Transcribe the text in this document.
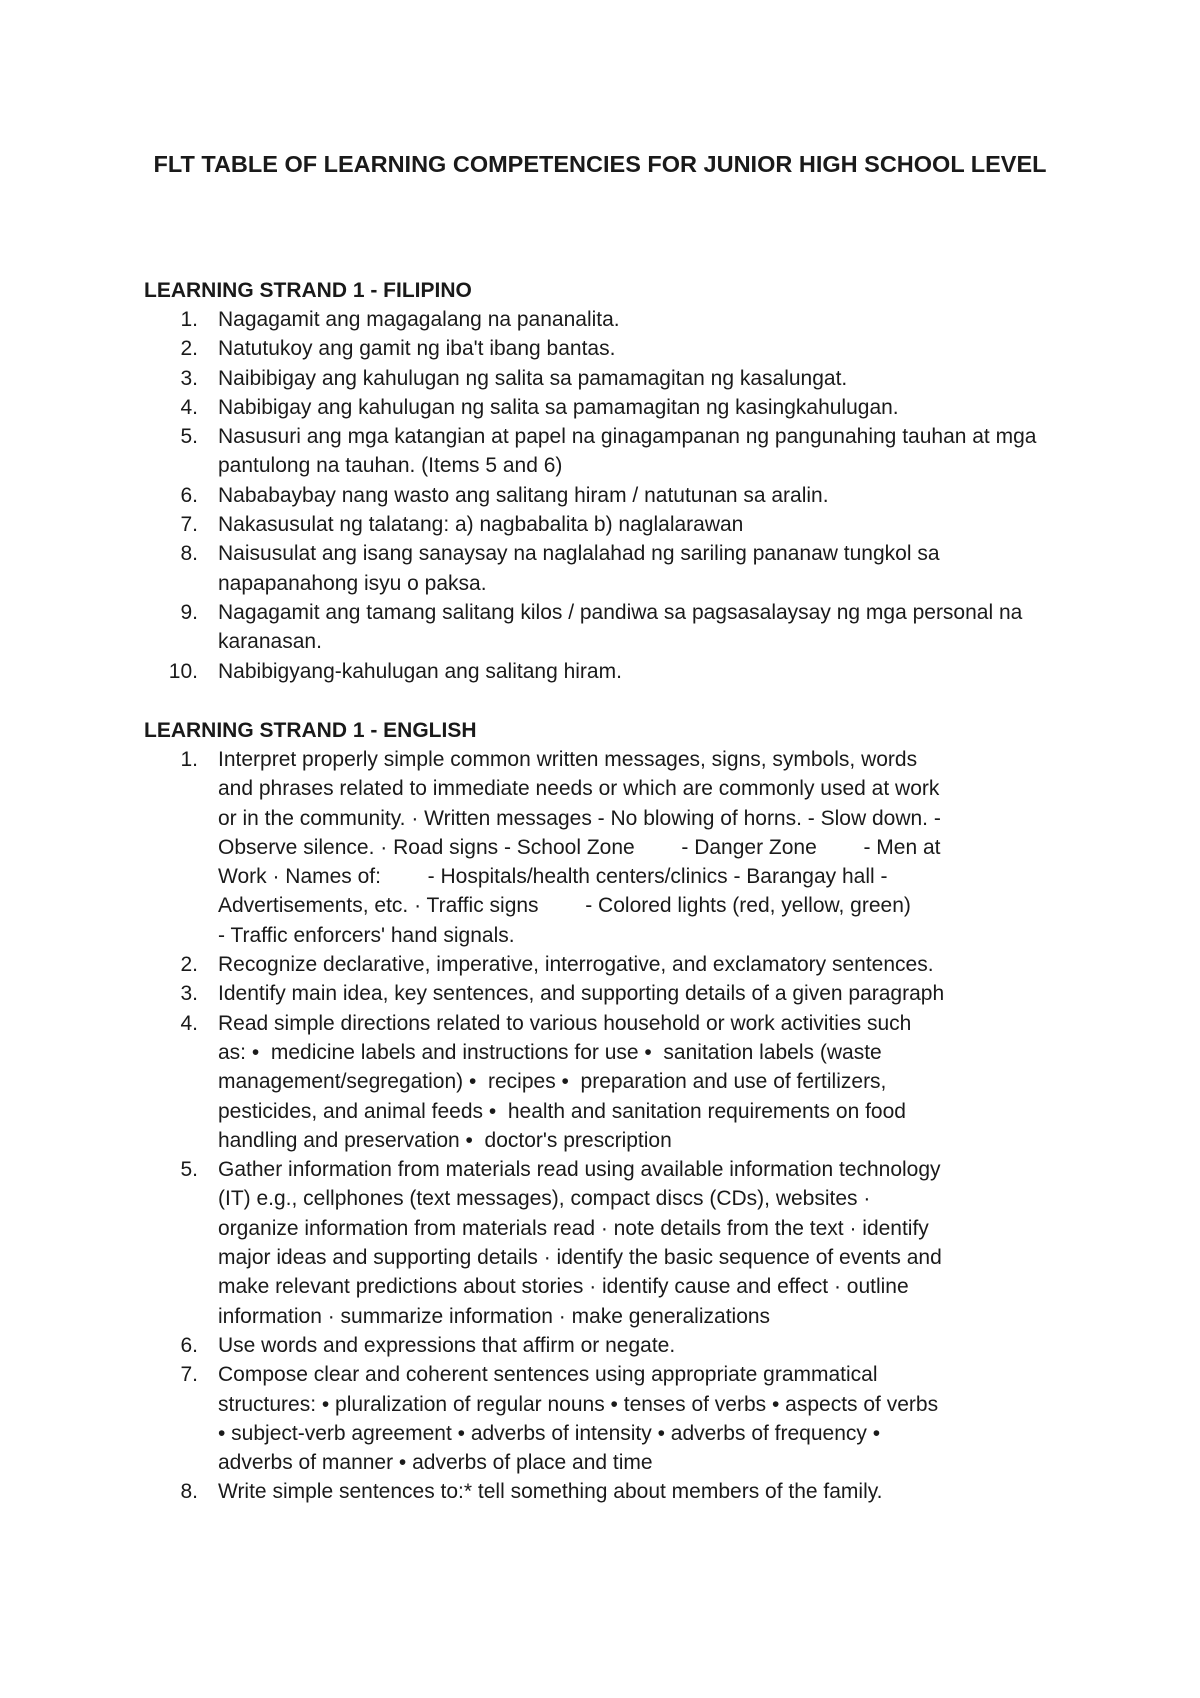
FLT TABLE OF LEARNING COMPETENCIES FOR JUNIOR HIGH SCHOOL LEVEL

LEARNING STRAND 1 - FILIPINO

1. Nagagamit ang magagalang na pananalita.
2. Natutukoy ang gamit ng iba't ibang bantas.
3. Naibibigay ang kahulugan ng salita sa pamamagitan ng kasalungat.
4. Nabibigay ang kahulugan ng salita sa pamamagitan ng kasingkahulugan.
5. Nasusuri ang mga katangian at papel na ginagampanan ng pangunahing tauhan at mga pantulong na tauhan. (Items 5 and 6)
6. Nababaybay nang wasto ang salitang hiram / natutunan sa aralin.
7. Nakasusulat ng talatang: a) nagbabalita b) naglalarawan
8. Naisusulat ang isang sanaysay na naglalahad ng sariling pananaw tungkol sa napapanahong isyu o paksa.
9. Nagagamit ang tamang salitang kilos / pandiwa sa pagsasalaysay ng mga personal na karanasan.
10. Nabibigyang-kahulugan ang salitang hiram.

LEARNING STRAND 1 - ENGLISH

1. Interpret properly simple common written messages, signs, symbols, words
and phrases related to immediate needs or which are commonly used at work
or in the community. · Written messages - No blowing of horns. - Slow down. -
Observe silence. · Road signs - School Zone        - Danger Zone        - Men at
Work · Names of:        - Hospitals/health centers/clinics - Barangay hall -
Advertisements, etc. · Traffic signs        - Colored lights (red, yellow, green)
- Traffic enforcers' hand signals.
2. Recognize declarative, imperative, interrogative, and exclamatory sentences.
3. Identify main idea, key sentences, and supporting details of a given paragraph
4. Read simple directions related to various household or work activities such
as: •  medicine labels and instructions for use •  sanitation labels (waste
management/segregation) •  recipes •  preparation and use of fertilizers,
pesticides, and animal feeds •  health and sanitation requirements on food
handling and preservation •  doctor's prescription
5. Gather information from materials read using available information technology
(IT) e.g., cellphones (text messages), compact discs (CDs), websites ·
organize information from materials read · note details from the text · identify
major ideas and supporting details · identify the basic sequence of events and
make relevant predictions about stories · identify cause and effect · outline
information · summarize information · make generalizations
6. Use words and expressions that affirm or negate.
7. Compose clear and coherent sentences using appropriate grammatical
structures: • pluralization of regular nouns • tenses of verbs • aspects of verbs
• subject-verb agreement • adverbs of intensity • adverbs of frequency •
adverbs of manner • adverbs of place and time
8. Write simple sentences to:* tell something about members of the family.
